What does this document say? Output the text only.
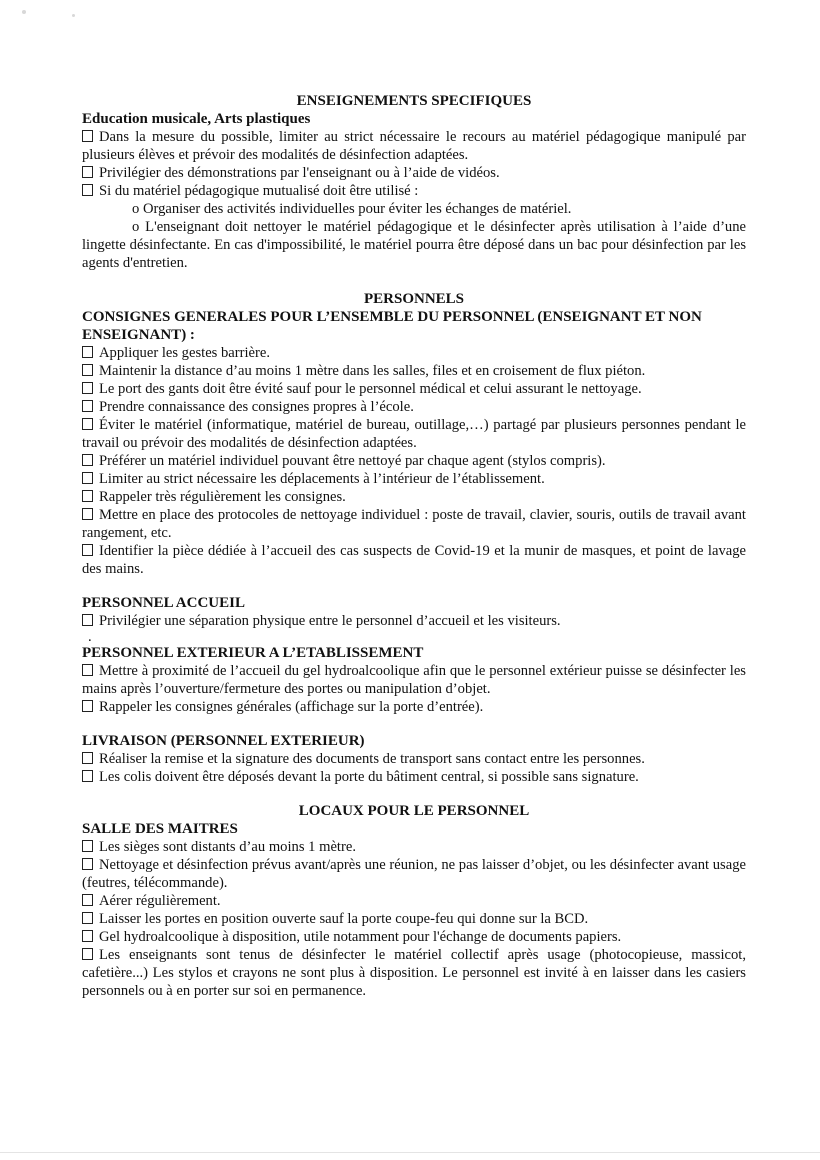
ENSEIGNEMENTS SPECIFIQUES
Education musicale, Arts plastiques
Dans la mesure du possible, limiter au strict nécessaire le recours au matériel pédagogique manipulé par plusieurs élèves et prévoir des modalités de désinfection adaptées.
Privilégier des démonstrations par l'enseignant ou à l’aide de vidéos.
Si du matériel pédagogique mutualisé doit être utilisé :
o Organiser des activités individuelles pour éviter les échanges de matériel.
o L'enseignant doit nettoyer le matériel pédagogique et le désinfecter après utilisation à l’aide d’une lingette désinfectante. En cas d'impossibilité, le matériel pourra être déposé dans un bac pour désinfection par les agents d'entretien.
PERSONNELS
CONSIGNES GENERALES POUR L’ENSEMBLE DU PERSONNEL (ENSEIGNANT ET NON ENSEIGNANT) :
Appliquer les gestes barrière.
Maintenir la distance d’au moins 1 mètre dans les salles, files et en croisement de flux piéton.
Le port des gants doit être évité sauf pour le personnel médical et celui assurant le nettoyage.
Prendre connaissance des consignes propres à l’école.
Éviter le matériel (informatique, matériel de bureau, outillage,…) partagé par plusieurs personnes pendant le travail ou prévoir des modalités de désinfection adaptées.
Préférer un matériel individuel pouvant être nettoyé par chaque agent (stylos compris).
Limiter au strict nécessaire les déplacements à l’intérieur de l’établissement.
Rappeler très régulièrement les consignes.
Mettre en place des protocoles de nettoyage individuel : poste de travail, clavier, souris, outils de travail avant rangement, etc.
Identifier la pièce dédiée à l’accueil des cas suspects de Covid-19 et la munir de masques, et point de lavage des mains.
PERSONNEL ACCUEIL
Privilégier une séparation physique entre le personnel d’accueil et les visiteurs.
.
PERSONNEL EXTERIEUR A L’ETABLISSEMENT
Mettre à proximité de l’accueil du gel hydroalcoolique afin que le personnel extérieur puisse se désinfecter les mains après l’ouverture/fermeture des portes ou manipulation d’objet.
Rappeler les consignes générales (affichage sur la porte d’entrée).
LIVRAISON (PERSONNEL EXTERIEUR)
Réaliser la remise et la signature des documents de transport sans contact entre les personnes.
Les colis doivent être déposés devant la porte du bâtiment central, si possible sans signature.
LOCAUX POUR LE PERSONNEL
SALLE DES MAITRES
Les sièges sont distants d’au moins 1 mètre.
Nettoyage et désinfection prévus avant/après une réunion, ne pas laisser d’objet, ou les désinfecter avant usage (feutres, télécommande).
Aérer régulièrement.
Laisser les portes en position ouverte sauf la porte coupe-feu qui donne sur la BCD.
Gel hydroalcoolique à disposition, utile notamment pour l'échange de documents papiers.
Les enseignants sont tenus de désinfecter le matériel collectif après usage (photocopieuse, massicot, cafetière...) Les stylos et crayons ne sont plus à disposition. Le personnel est invité à en laisser dans les casiers personnels ou à en porter sur soi en permanence.
